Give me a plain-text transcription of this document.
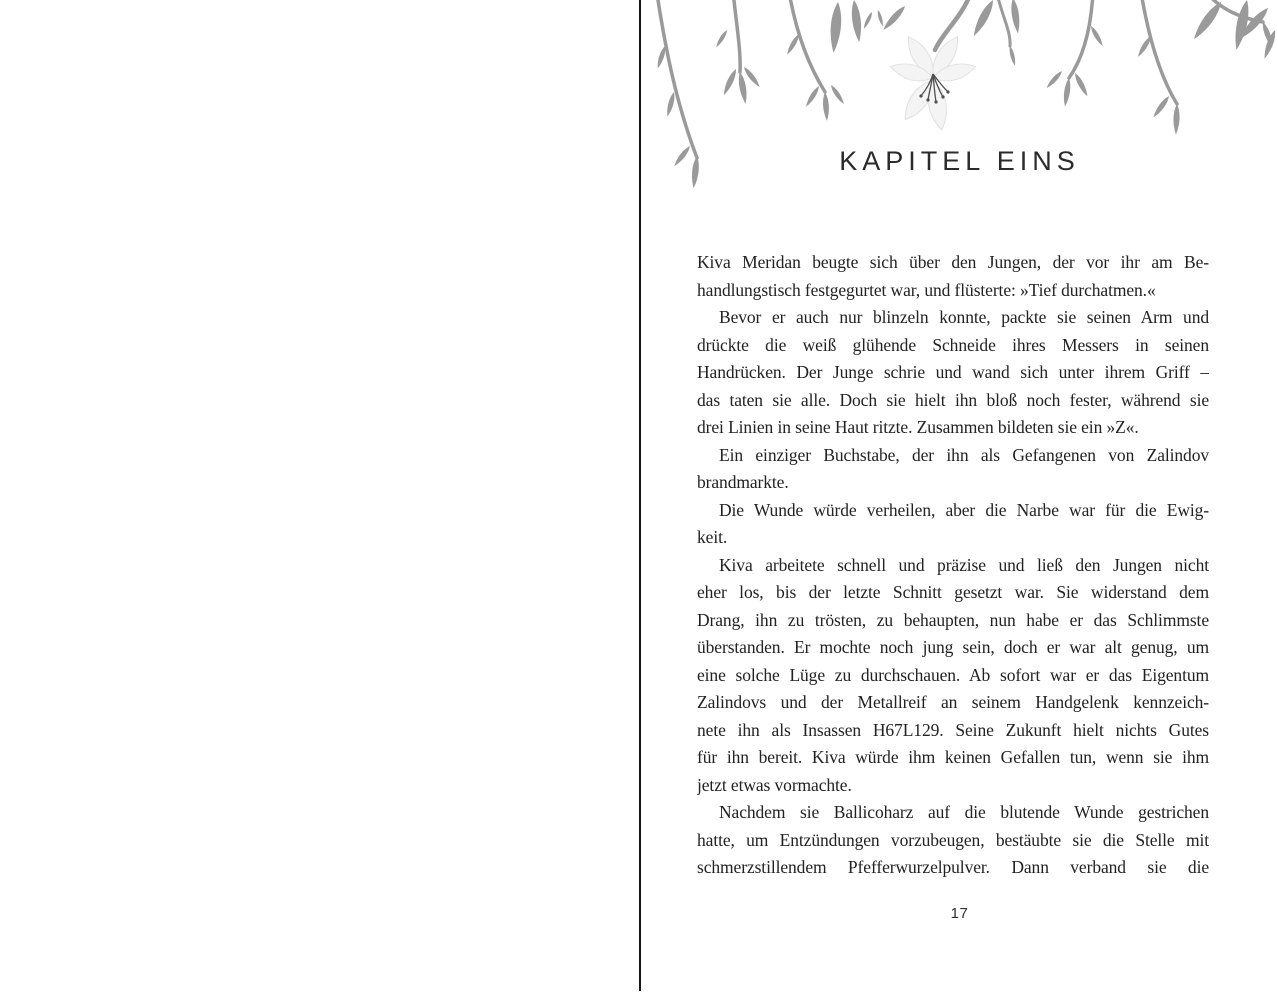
KAPITEL EINS
Kiva Meridan beugte sich über den Jungen, der vor ihr am Be-
handlungstisch festgegurtet war, und flüsterte: »Tief durchatmen.«
Bevor er auch nur blinzeln konnte, packte sie seinen Arm und
drückte die weiß glühende Schneide ihres Messers in seinen
Handrücken. Der Junge schrie und wand sich unter ihrem Griff –
das taten sie alle. Doch sie hielt ihn bloß noch fester, während sie
drei Linien in seine Haut ritzte. Zusammen bildeten sie ein »Z«.
Ein einziger Buchstabe, der ihn als Gefangenen von Zalindov
brandmarkte.
Die Wunde würde verheilen, aber die Narbe war für die Ewig-
keit.
Kiva arbeitete schnell und präzise und ließ den Jungen nicht
eher los, bis der letzte Schnitt gesetzt war. Sie widerstand dem
Drang, ihn zu trösten, zu behaupten, nun habe er das Schlimmste
überstanden. Er mochte noch jung sein, doch er war alt genug, um
eine solche Lüge zu durchschauen. Ab sofort war er das Eigentum
Zalindovs und der Metallreif an seinem Handgelenk kennzeich-
nete ihn als Insassen H67L129. Seine Zukunft hielt nichts Gutes
für ihn bereit. Kiva würde ihm keinen Gefallen tun, wenn sie ihm
jetzt etwas vormachte.
Nachdem sie Ballicoharz auf die blutende Wunde gestrichen
hatte, um Entzündungen vorzubeugen, bestäubte sie die Stelle mit
schmerzstillendem Pfefferwurzelpulver. Dann verband sie die
17
